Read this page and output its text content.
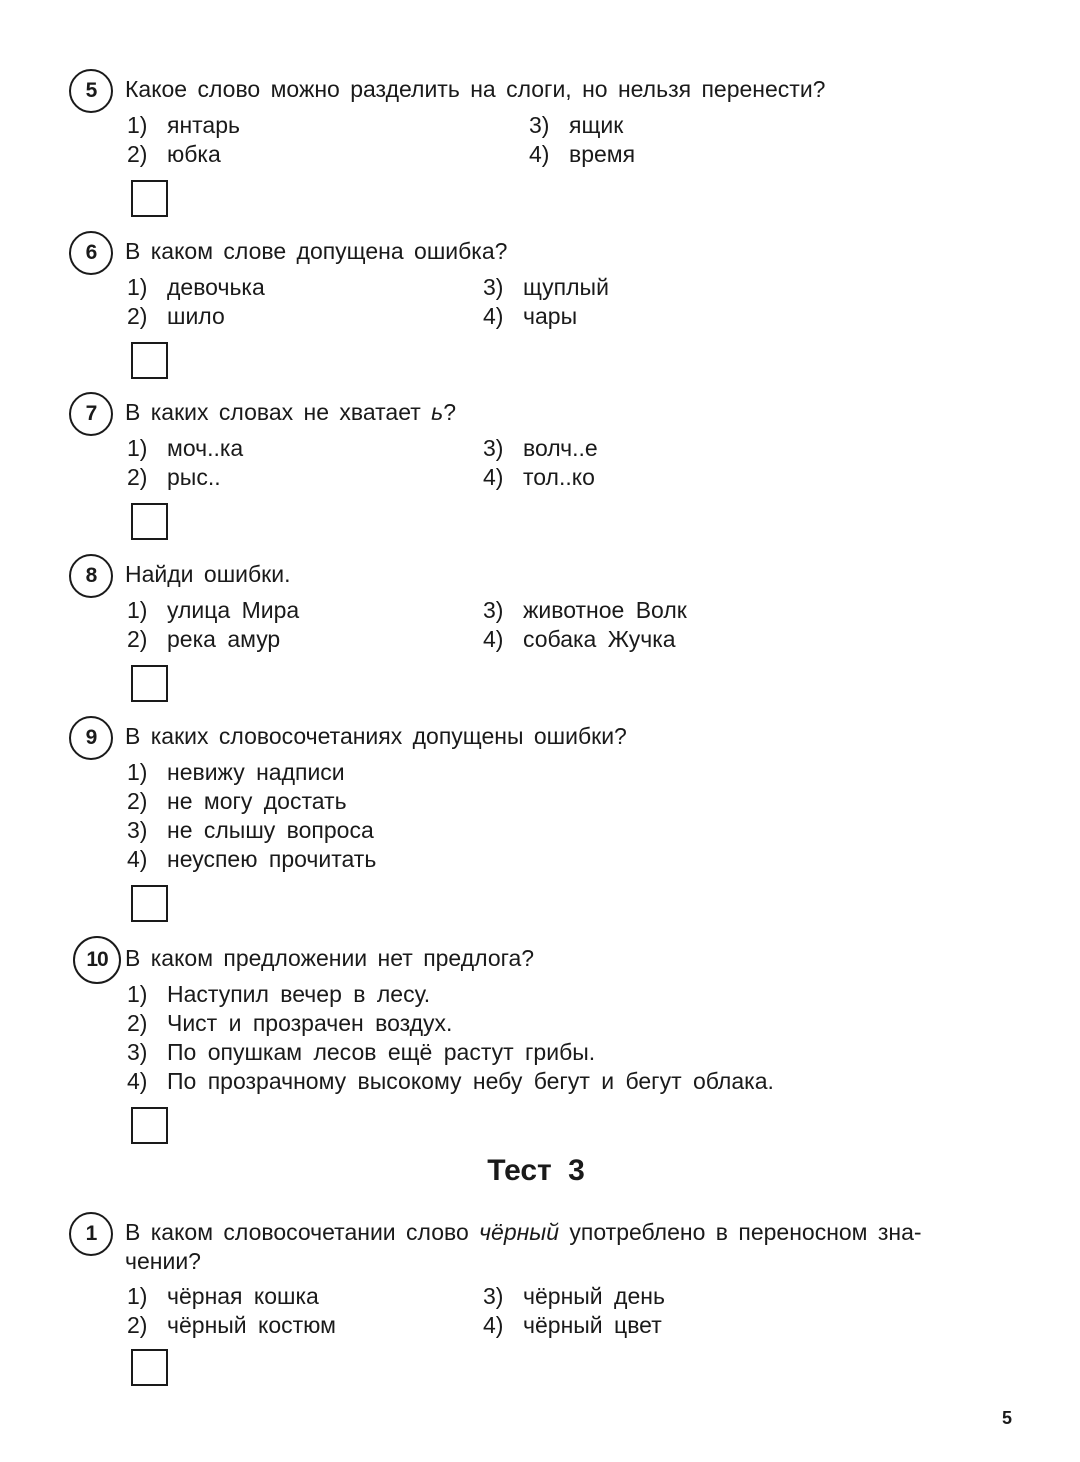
5	Какое слово можно разделить на слоги, но нельзя перенести?
1) янтарь
2) юбка
3) ящик
4) время
6	В каком слове допущена ошибка?
1) девочька
2) шило
3) щуплый
4) чары
7	В каких словах не хватает ь?
1) моч..ка
2) рыс..
3) волч..е
4) тол..ко
8	Найди ошибки.
1) улица Мира
2) река амур
3) животное Волк
4) собака Жучка
9	В каких словосочетаниях допущены ошибки?
1) невижу надписи
2) не могу достать
3) не слышу вопроса
4) неуспею прочитать
10 В каком предложении нет предлога?
1) Наступил вечер в лесу.
2) Чист и прозрачен воздух.
3) По опушкам лесов ещё растут грибы.
4) По прозрачному высокому небу бегут и бегут облака.
Тест 3
1	В каком словосочетании слово чёрный употреблено в переносном зна-
чении?
1) чёрная кошка
2) чёрный костюм
3) чёрный день
4) чёрный цвет
5
